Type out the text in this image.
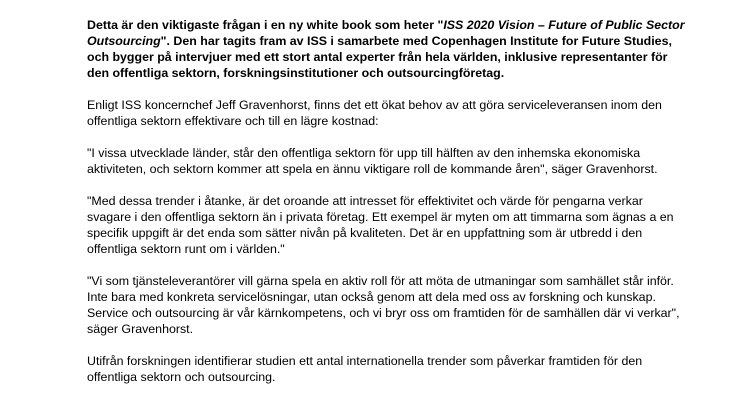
Detta är den viktigaste frågan i en ny white book som heter "ISS 2020 Vision – Future of Public Sector Outsourcing". Den har tagits fram av ISS i samarbete med Copenhagen Institute for Future Studies, och bygger på intervjuer med ett stort antal experter från hela världen, inklusive representanter för den offentliga sektorn, forskningsinstitutioner och outsourcingföretag.

Enligt ISS koncernchef Jeff Gravenhorst, finns det ett ökat behov av att göra serviceleveransen inom den offentliga sektorn effektivare och till en lägre kostnad:

"I vissa utvecklade länder, står den offentliga sektorn för upp till hälften av den inhemska ekonomiska aktiviteten, och sektorn kommer att spela en ännu viktigare roll de kommande åren", säger Gravenhorst.

"Med dessa trender i åtanke, är det oroande att intresset för effektivitet och värde för pengarna verkar svagare i den offentliga sektorn än i privata företag. Ett exempel är myten om att timmarna som ägnas a en specifik uppgift är det enda som sätter nivån på kvaliteten. Det är en uppfattning som är utbredd i den offentliga sektorn runt om i världen."

"Vi som tjänsteleverantörer vill gärna spela en aktiv roll för att möta de utmaningar som samhället står inför. Inte bara med konkreta servicelösningar, utan också genom att dela med oss av forskning och kunskap. Service och outsourcing är vår kärnkompetens, och vi bryr oss om framtiden för de samhällen där vi verkar", säger Gravenhorst.

Utifrån forskningen identifierar studien ett antal internationella trender som påverkar framtiden för den offentliga sektorn och outsourcing.
